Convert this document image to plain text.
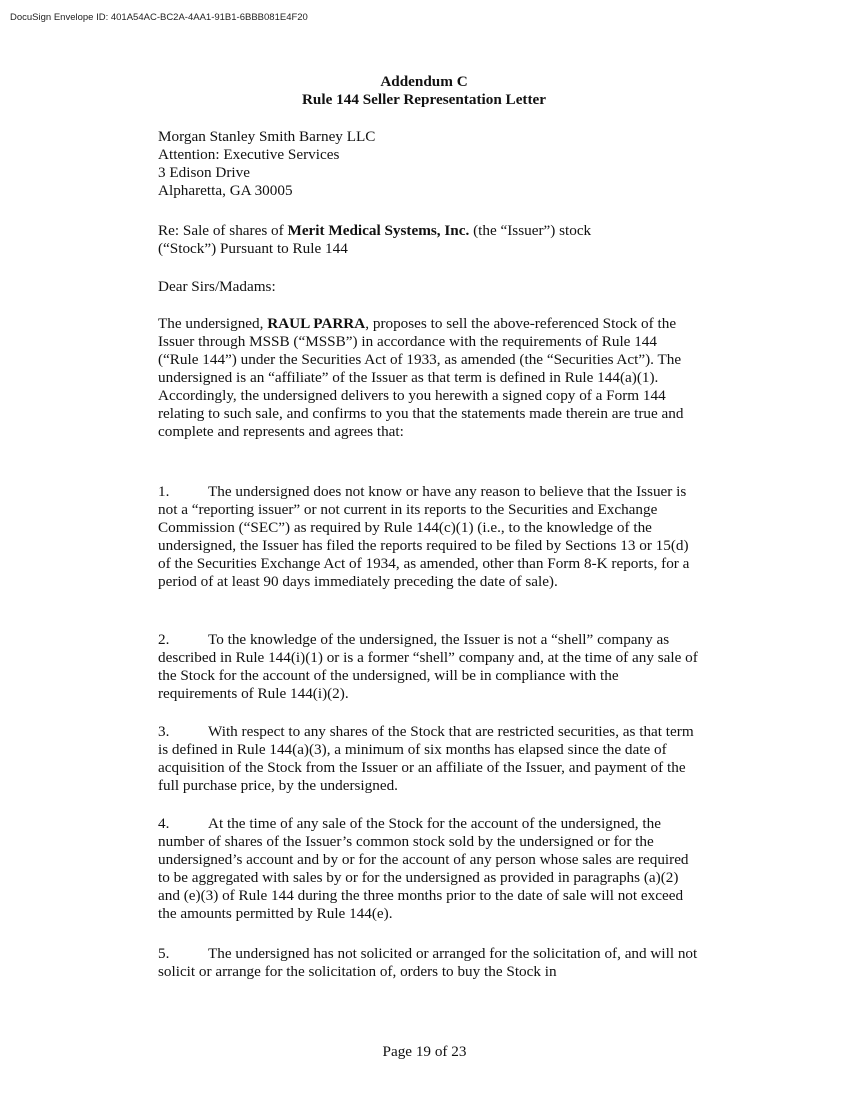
DocuSign Envelope ID: 401A54AC-BC2A-4AA1-91B1-6BBB081E4F20
Addendum C
Rule 144 Seller Representation Letter

Morgan Stanley Smith Barney LLC

Attention: Executive Services

3 Edison Drive

Alpharetta, GA 30005

Re: Sale of shares of Merit Medical Systems, Inc. (the “Issuer”) stock (“Stock”) Pursuant to Rule 144
Dear Sirs/Madams:
The undersigned, RAUL PARRA, proposes to sell the above-referenced Stock of the Issuer through MSSB (“MSSB”) in accordance with the requirements of Rule 144 (“Rule 144”) under the Securities Act of 1933, as amended (the “Securities Act”). The undersigned is an “affiliate” of the Issuer as that term is defined in Rule 144(a)(1). Accordingly, the undersigned delivers to you herewith a signed copy of a Form 144 relating to such sale, and confirms to you that the statements made therein are true and complete and represents and agrees that:
1.	The undersigned does not know or have any reason to believe that the Issuer is not a “reporting issuer” or not current in its reports to the Securities and Exchange Commission (“SEC”) as required by Rule 144(c)(1) (i.e., to the knowledge of the undersigned, the Issuer has filed the reports required to be filed by Sections 13 or 15(d) of the Securities Exchange Act of 1934, as amended, other than Form 8-K reports, for a period of at least 90 days immediately preceding the date of sale).
2.	To the knowledge of the undersigned, the Issuer is not a “shell” company as described in Rule 144(i)(1) or is a former “shell” company and, at the time of any sale of the Stock for the account of the undersigned, will be in compliance with the requirements of Rule 144(i)(2).
3.	With respect to any shares of the Stock that are restricted securities, as that term is defined in Rule 144(a)(3), a minimum of six months has elapsed since the date of acquisition of the Stock from the Issuer or an affiliate of the Issuer, and payment of the full purchase price, by the undersigned.
4.	At the time of any sale of the Stock for the account of the undersigned, the number of shares of the Issuer’s common stock sold by the undersigned or for the undersigned’s account and by or for the account of any person whose sales are required to be aggregated with sales by or for the undersigned as provided in paragraphs (a)(2) and (e)(3) of Rule 144 during the three months prior to the date of sale will not exceed the amounts permitted by Rule 144(e).
5.	The undersigned has not solicited or arranged for the solicitation of, and will not solicit or arrange for the solicitation of, orders to buy the Stock in
Page 19 of 23
